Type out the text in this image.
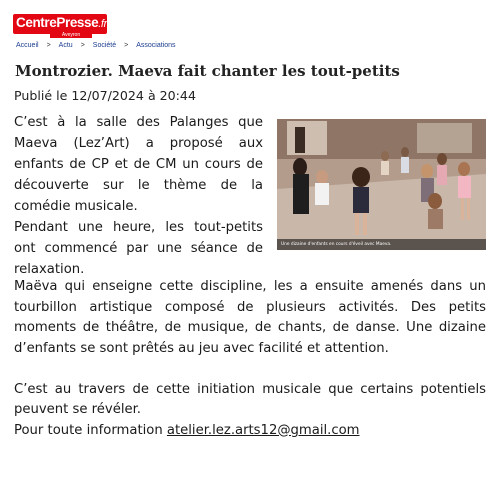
CentrePresse.fr
Aveyron
Accueil > Actu > Société > Associations
Montrozier. Maeva fait chanter les tout-petits
Publié le 12/07/2024 à 20:44

C’est à la salle des Palanges que Maeva (Lez’Art) a proposé aux enfants de CP et de CM un cours de découverte sur le thème de la comédie musicale.

Pendant une heure, les tout-petits ont commencé par une séance de relaxation.

Une dizaine d'enfants en cours d'éveil avec Maeva.

Maëva qui enseigne cette discipline, les a ensuite amenés dans un tourbillon artistique composé de plusieurs activités. Des petits moments de théâtre, de musique, de chants, de danse. Une dizaine d’enfants se sont prêtés au jeu avec facilité et attention.

C’est au travers de cette initiation musicale que certains potentiels peuvent se révéler.

Pour toute information atelier.lez.arts12@gmail.com
